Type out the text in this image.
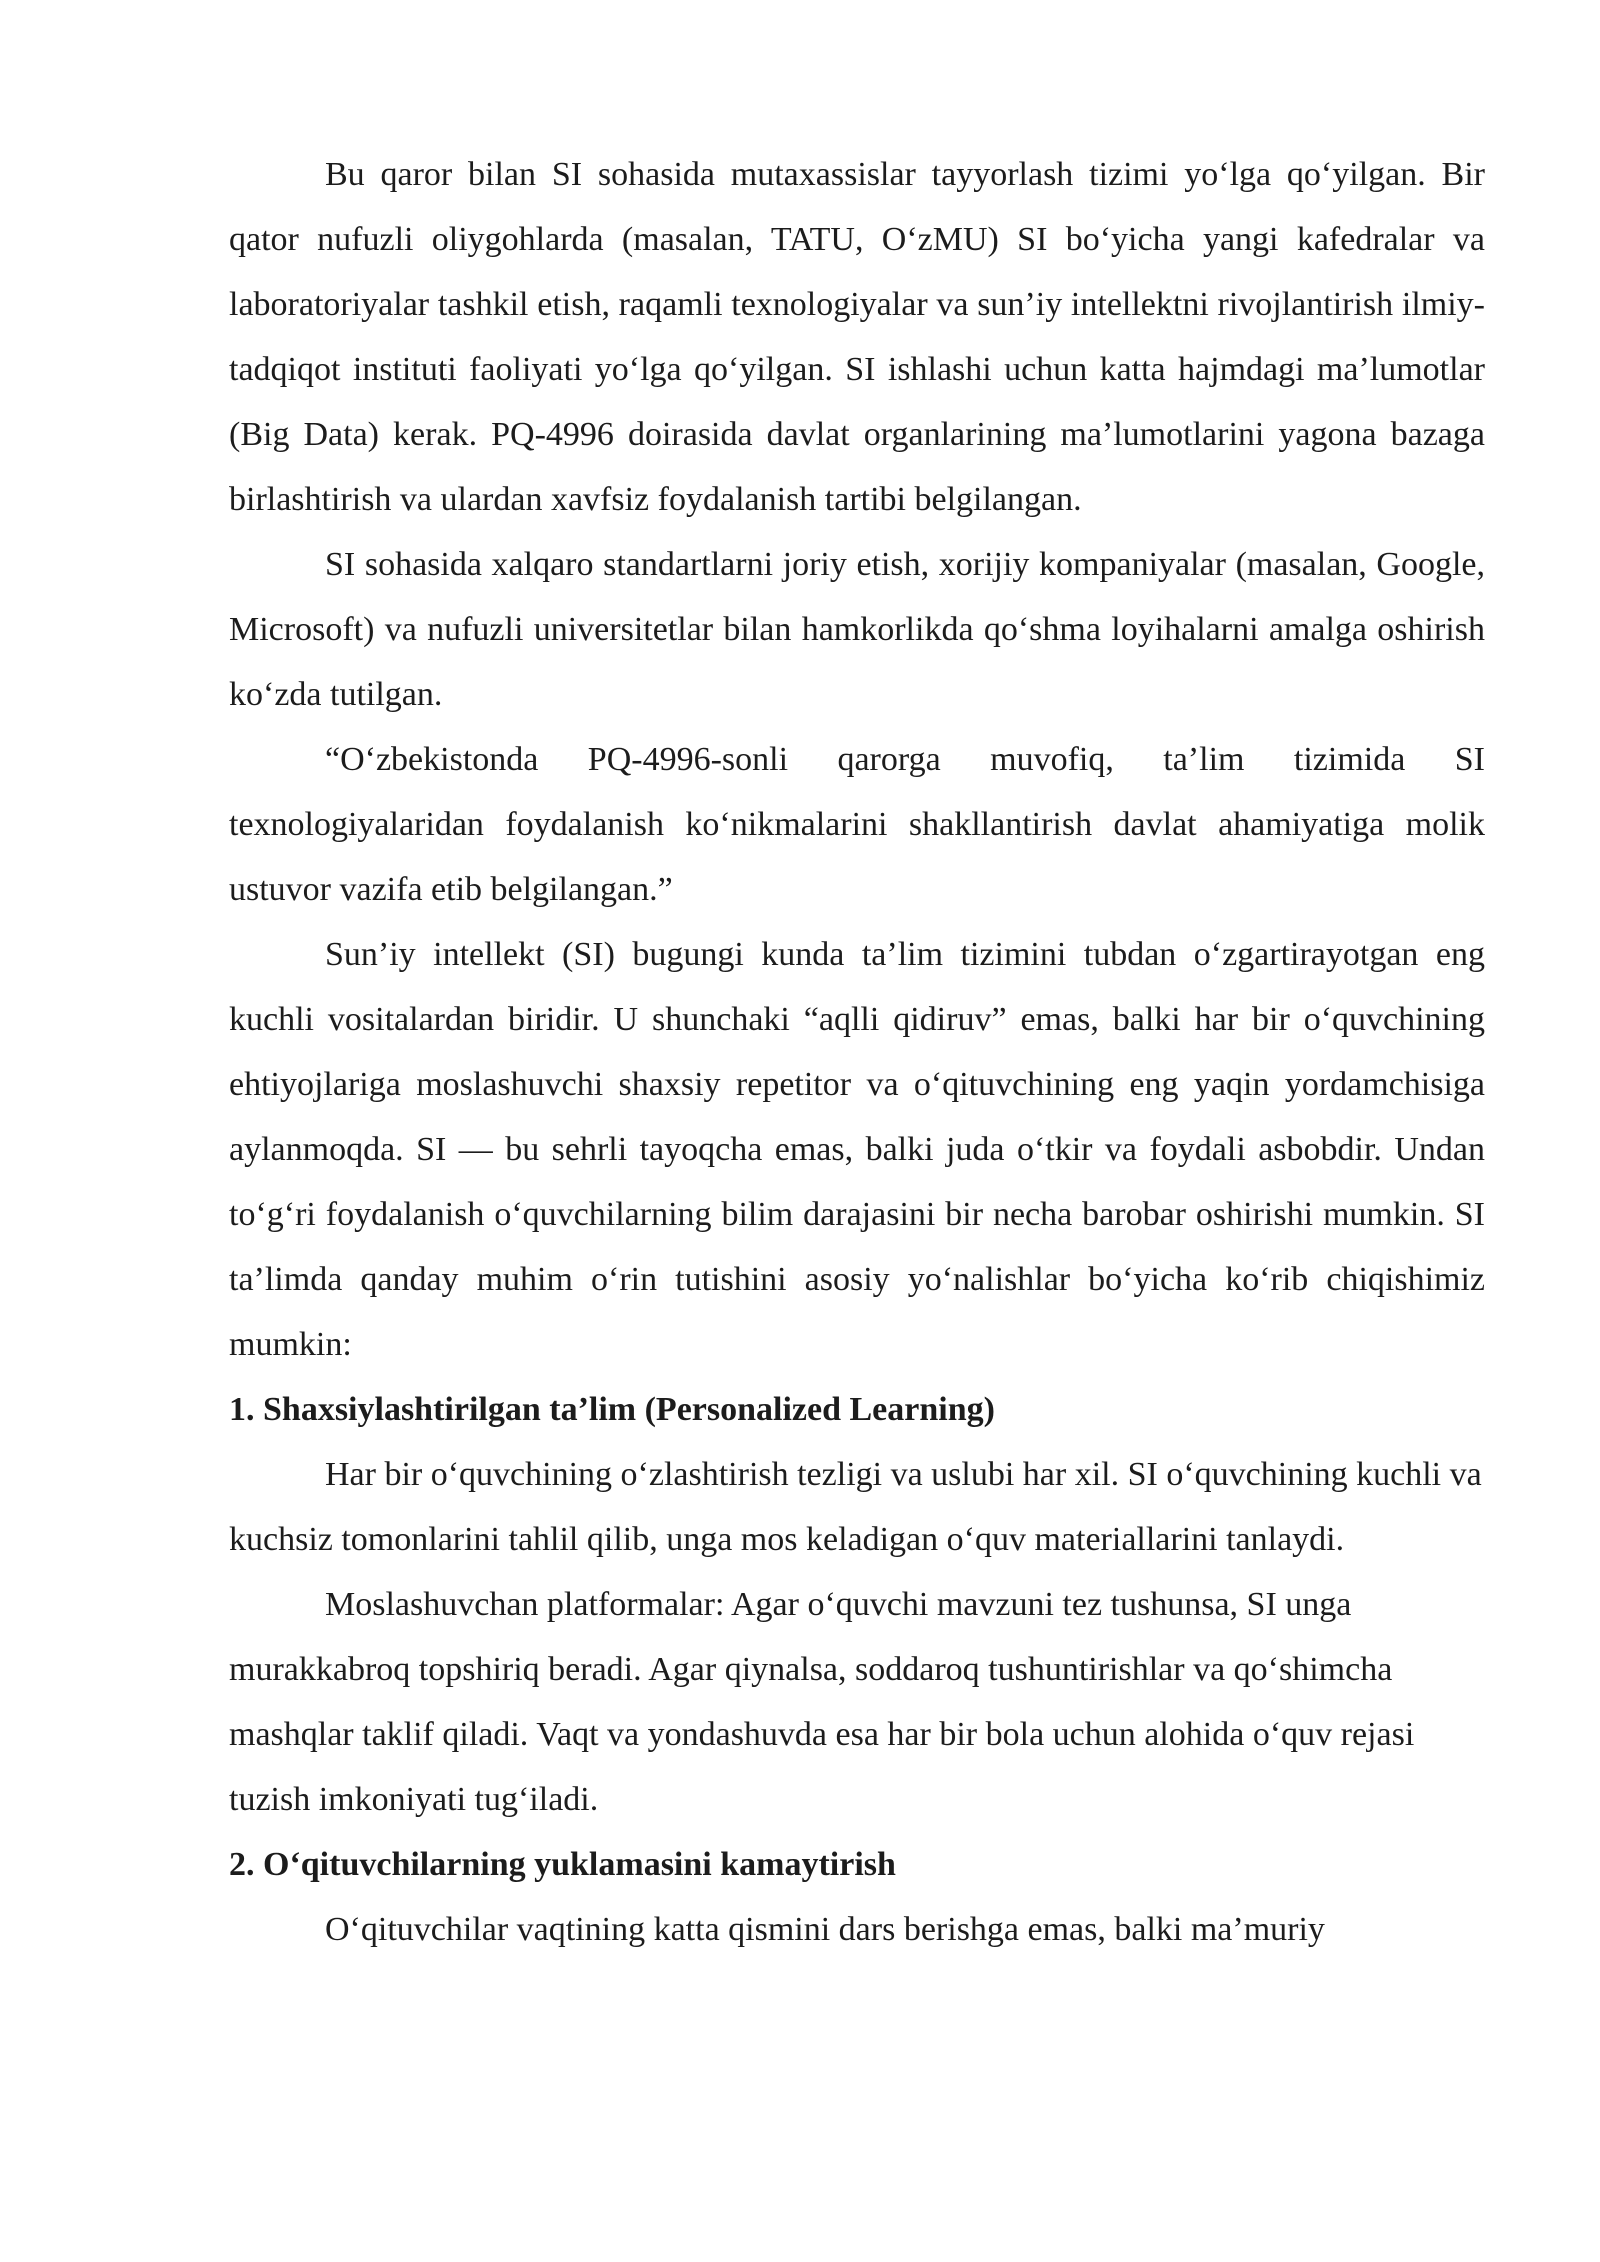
Bu qaror bilan SI sohasida mutaxassislar tayyorlash tizimi yo‘lga qo‘yilgan. Bir qator nufuzli oliygohlarda (masalan, TATU, O‘zMU) SI bo‘yicha yangi kafedralar va laboratoriyalar tashkil etish, raqamli texnologiyalar va sun’iy intellektni rivojlantirish ilmiy-tadqiqot instituti faoliyati yo‘lga qo‘yilgan. SI ishlashi uchun katta hajmdagi ma’lumotlar (Big Data) kerak. PQ-4996 doirasida davlat organlarining ma’lumotlarini yagona bazaga birlashtirish va ulardan xavfsiz foydalanish tartibi belgilangan.

SI sohasida xalqaro standartlarni joriy etish, xorijiy kompaniyalar (masalan, Google, Microsoft) va nufuzli universitetlar bilan hamkorlikda qo‘shma loyihalarni amalga oshirish ko‘zda tutilgan.

“O‘zbekistonda PQ-4996-sonli qarorga muvofiq, ta’lim tizimida SI texnologiyalaridan foydalanish ko‘nikmalarini shakllantirish davlat ahamiyatiga molik ustuvor vazifa etib belgilangan.”

Sun’iy intellekt (SI) bugungi kunda ta’lim tizimini tubdan o‘zgartirayotgan eng kuchli vositalardan biridir. U shunchaki “aqlli qidiruv” emas, balki har bir o‘quvchining ehtiyojlariga moslashuvchi shaxsiy repetitor va o‘qituvchining eng yaqin yordamchisiga aylanmoqda. SI — bu sehrli tayoqcha emas, balki juda o‘tkir va foydali asbobdir. Undan to‘g‘ri foydalanish o‘quvchilarning bilim darajasini bir necha barobar oshirishi mumkin. SI ta’limda qanday muhim o‘rin tutishini asosiy yo‘nalishlar bo‘yicha ko‘rib chiqishimiz mumkin:

1. Shaxsiylashtirilgan ta’lim (Personalized Learning)

Har bir o‘quvchining o‘zlashtirish tezligi va uslubi har xil. SI o‘quvchining kuchli va kuchsiz tomonlarini tahlil qilib, unga mos keladigan o‘quv materiallarini tanlaydi.

Moslashuvchan platformalar: Agar o‘quvchi mavzuni tez tushunsa, SI unga murakkabroq topshiriq beradi. Agar qiynalsa, soddaroq tushuntirishlar va qo‘shimcha mashqlar taklif qiladi. Vaqt va yondashuvda esa har bir bola uchun alohida o‘quv rejasi tuzish imkoniyati tug‘iladi.

2. O‘qituvchilarning yuklamasini kamaytirish

O‘qituvchilar vaqtining katta qismini dars berishga emas, balki ma’muriy
